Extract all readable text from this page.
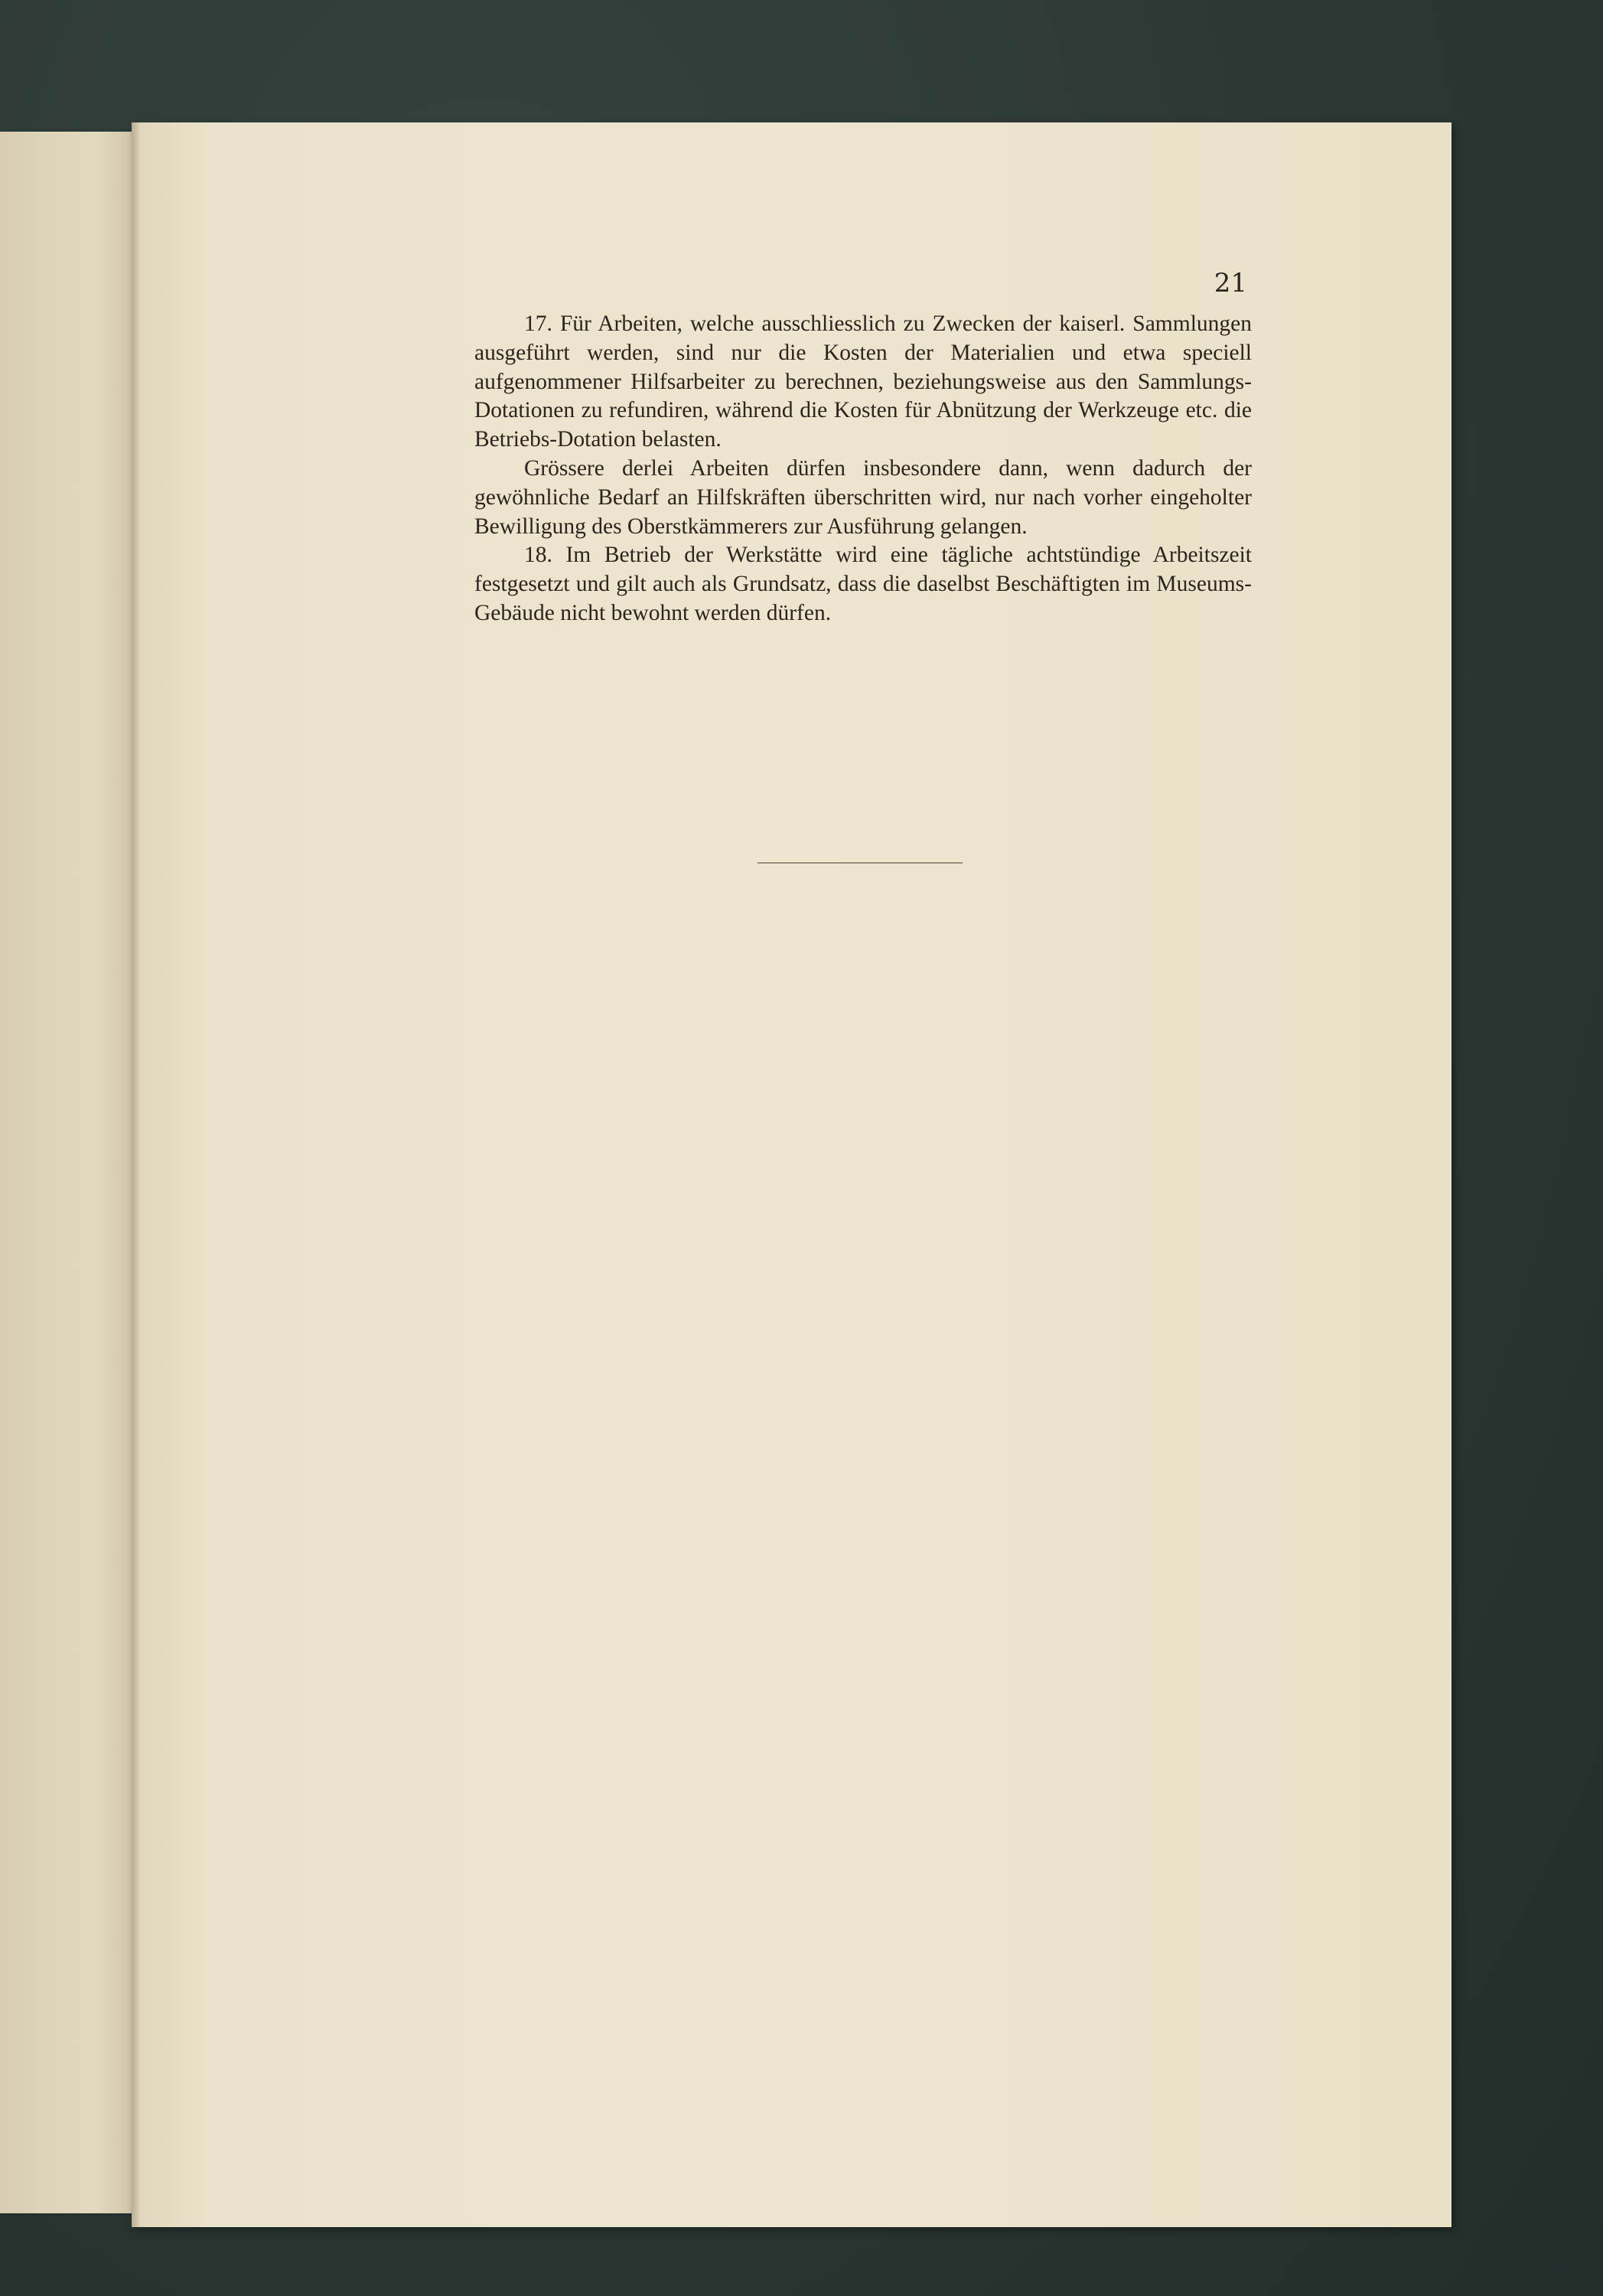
21

17. Für Arbeiten, welche ausschliesslich zu Zwecken der kaiserl. Sammlungen ausgeführt werden, sind nur die Kosten der Materialien und etwa speciell aufgenommener Hilfsarbeiter zu berechnen, beziehungsweise aus den Sammlungs-Dotationen zu refundiren, während die Kosten für Abnützung der Werkzeuge etc. die Betriebs-Dotation belasten.

Grössere derlei Arbeiten dürfen insbesondere dann, wenn dadurch der gewöhnliche Bedarf an Hilfskräften überschritten wird, nur nach vorher eingeholter Bewilligung des Oberstkämmerers zur Ausführung gelangen.

18. Im Betrieb der Werkstätte wird eine tägliche achtstündige Arbeitszeit festgesetzt und gilt auch als Grundsatz, dass die daselbst Beschäftigten im Museums-Gebäude nicht bewohnt werden dürfen.
